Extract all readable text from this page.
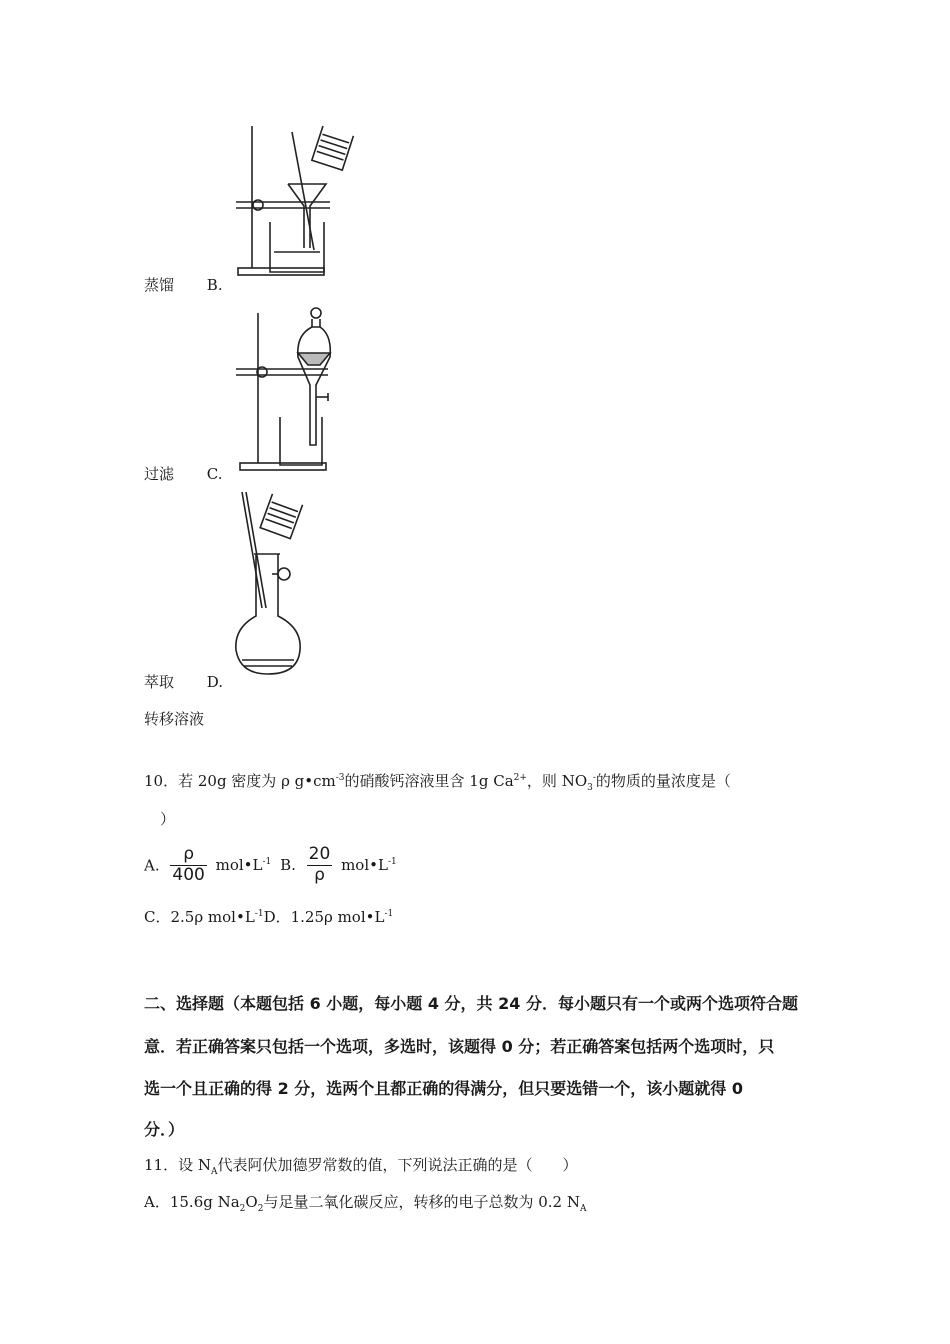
蒸馏 B.
过滤 C.
萃取 D.
转移溶液
10．若 20g 密度为 ρ $g•cm^{-3}$的硝酸钙溶液里含 1g $Ca^{2+}$，则 $NO_3^-$的物质的量浓度是（
）
A. $\frac{\rho}{400}$ $mol•L^{-1}$ B. $\frac{20}{\rho}$ $mol•L^{-1}$
C．2.5ρ $mol•L^{-1}D$．1.25ρ $mol•L^{-1}$
二、选择题（本题包括 6 小题，每小题 4 分，共 24 分．每小题只有一个或两个选项符合题
意．若正确答案只包括一个选项，多选时，该题得 0 分；若正确答案包括两个选项时，只
选一个且正确的得 2 分，选两个且都正确的得满分，但只要选错一个，该小题就得 0
分．）
11．设 $N_A$代表阿伏加德罗常数的值，下列说法正确的是（　　）
A．15.6g $Na_2O_2$与足量二氧化碳反应，转移的电子总数为 0.2 $N_A$
